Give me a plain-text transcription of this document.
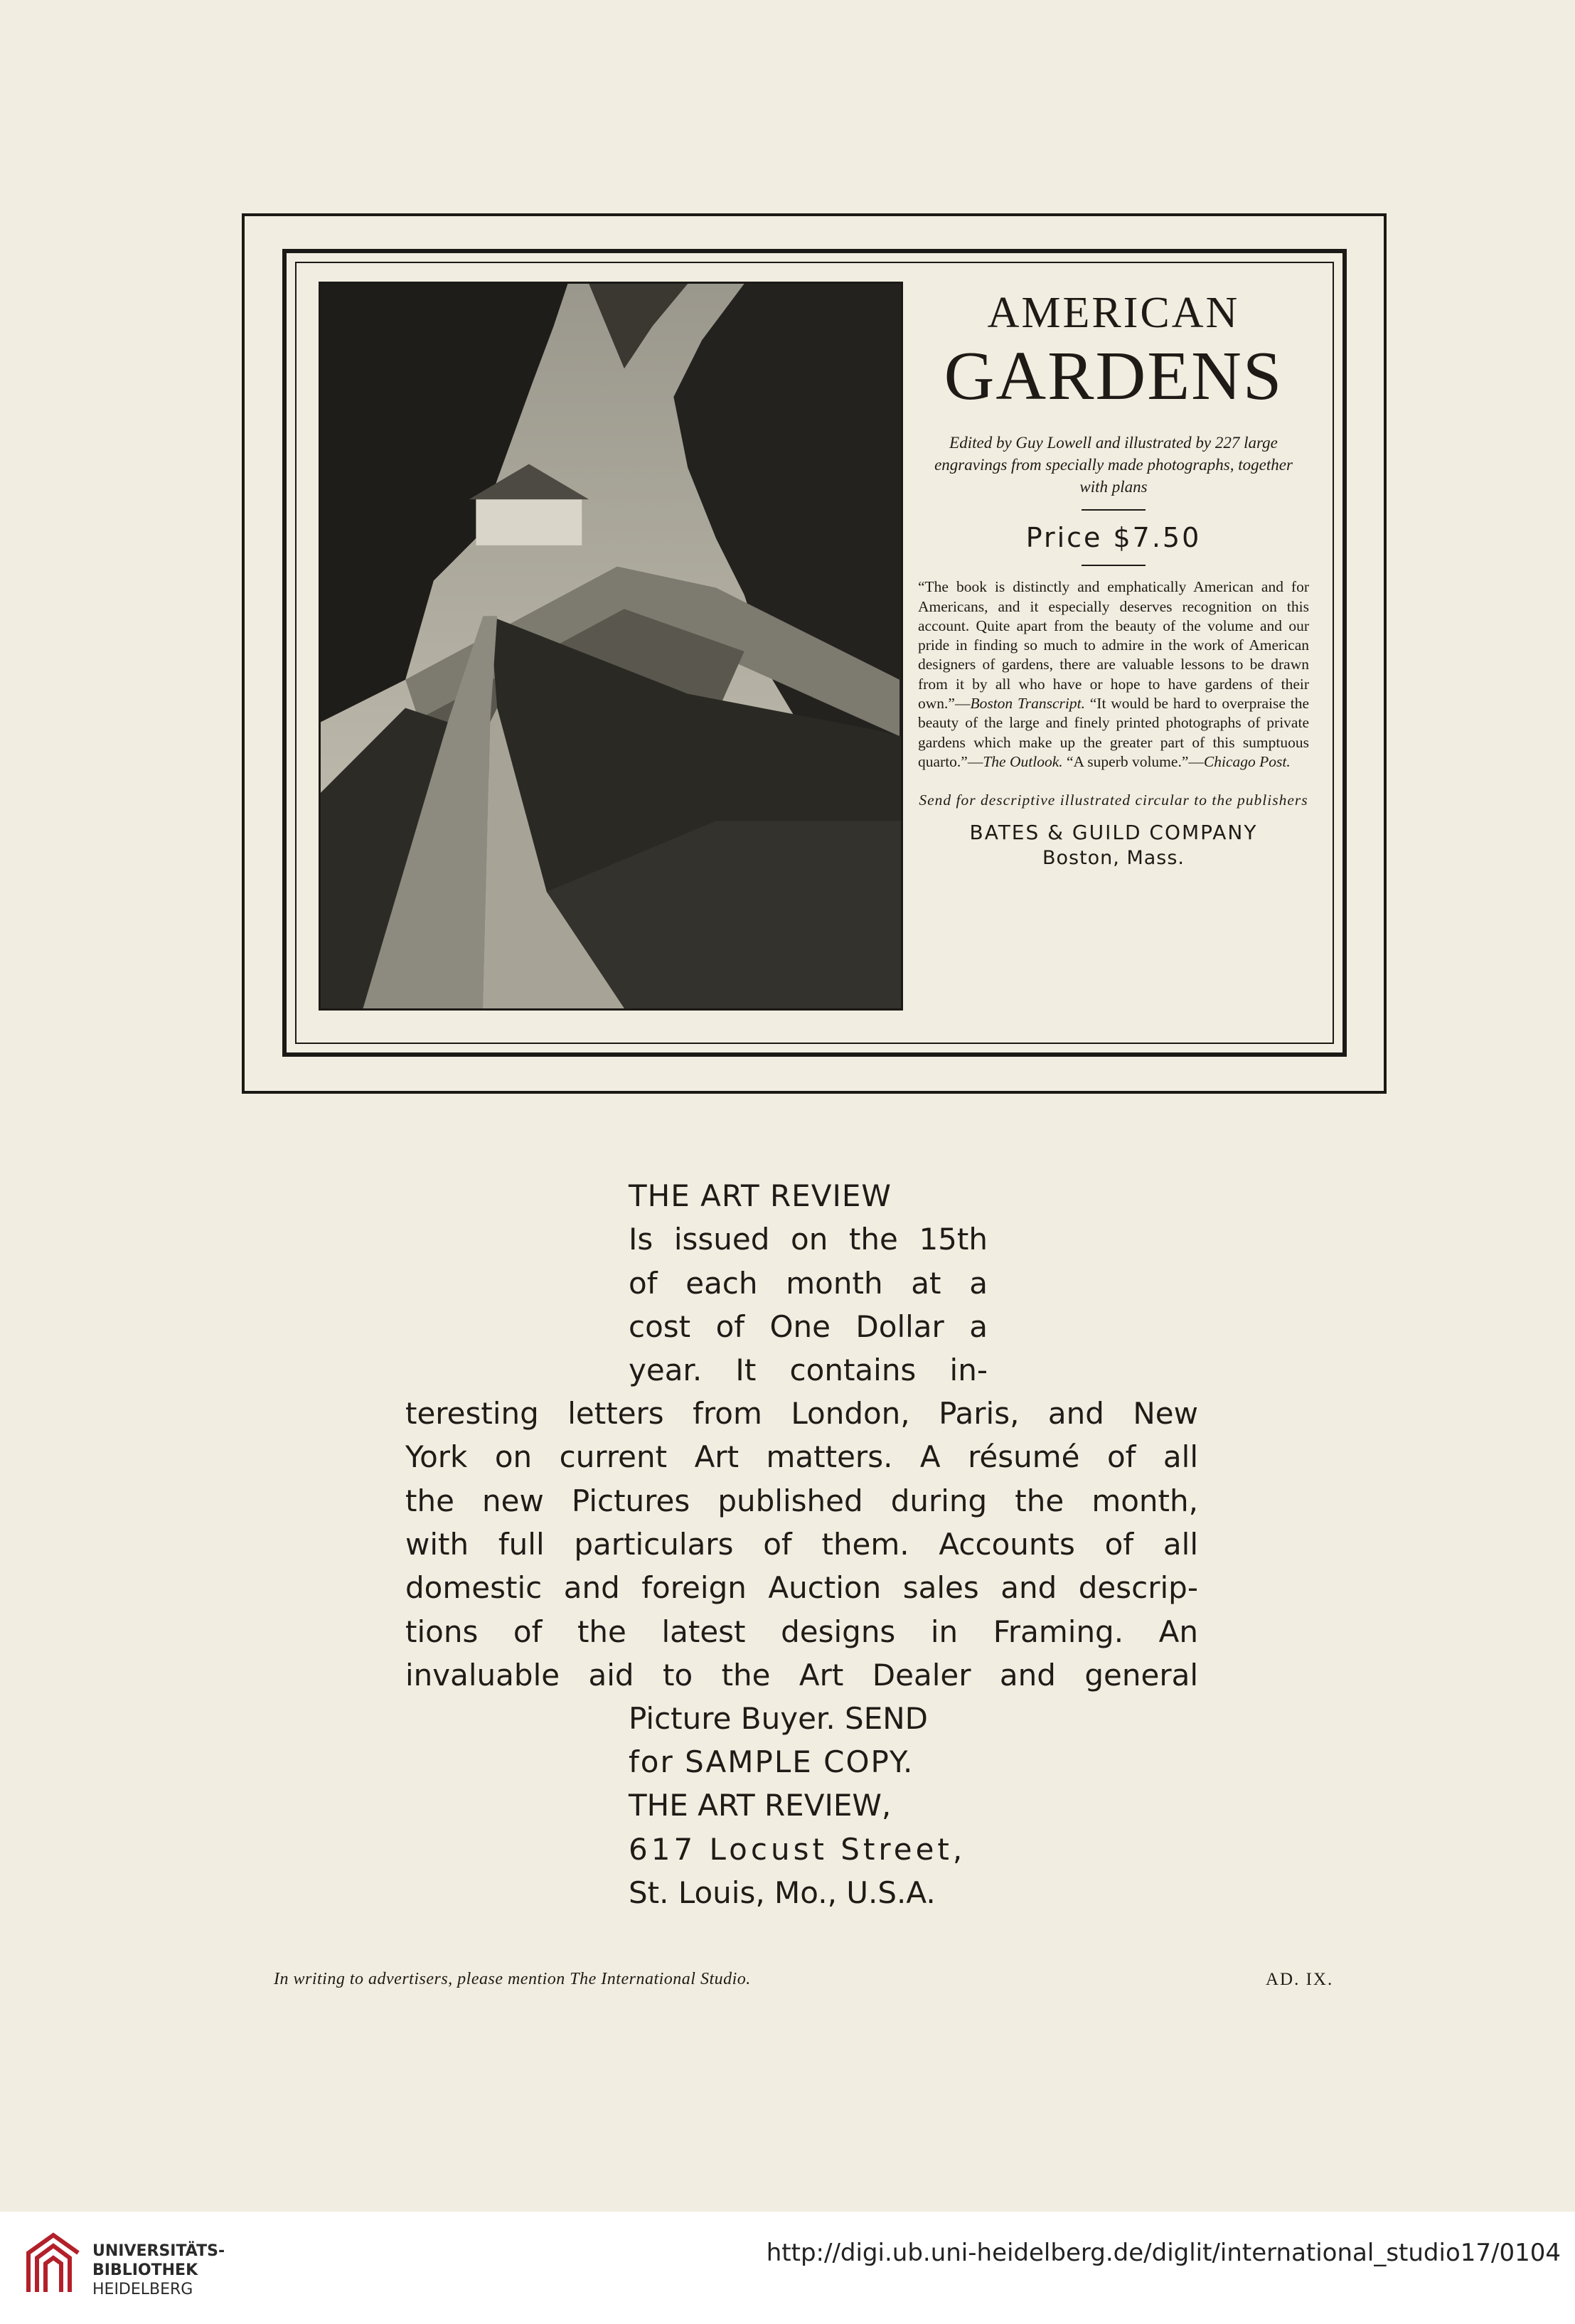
AMERICAN
GARDENS
Edited by Guy Lowell and illustrated by 227 large engravings from specially made photographs, together with plans
Price $7.50
“The book is distinctly and emphatically American and for Americans, and it especially deserves recognition on this account. Quite apart from the beauty of the volume and our pride in finding so much to admire in the work of American designers of gardens, there are valuable lessons to be drawn from it by all who have or hope to have gardens of their own.”—Boston Transcript. “It would be hard to overpraise the beauty of the large and finely printed photographs of private gardens which make up the greater part of this sumptuous quarto.”—The Outlook. “A superb volume.”—Chicago Post.
Send for descriptive illustrated circular to the publishers
BATES & GUILD COMPANY
Boston, Mass.
THE ART REVIEW
Is issued on the 15th
of each month at a
cost of One Dollar a
year. It contains in-
teresting letters from London, Paris, and New
York on current Art matters. A résumé of all
the new Pictures published during the month,
with full particulars of them. Accounts of all
domestic and foreign Auction sales and descrip-
tions of the latest designs in Framing. An
invaluable aid to the Art Dealer and general
Picture Buyer. SEND
for SAMPLE COPY.
THE ART REVIEW,
617 Locust Street,
St. Louis, Mo., U.S.A.
In writing to advertisers, please mention The International Studio.	AD. IX.
UNIVERSITÄTS-
BIBLIOTHEK
HEIDELBERG
http://digi.ub.uni-heidelberg.de/diglit/international_studio17/0104
